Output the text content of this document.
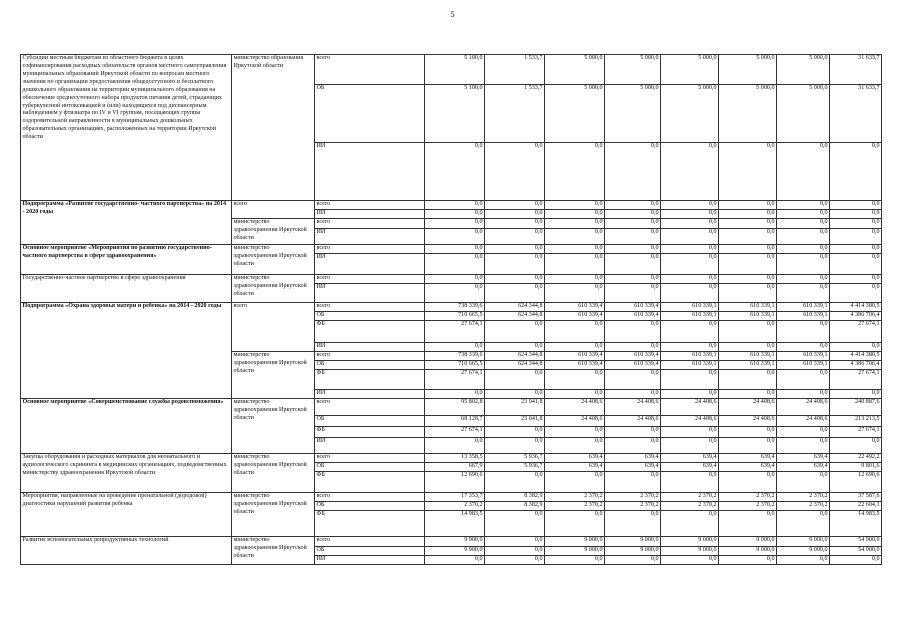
5
Субсидии местным бюджетам из областного бюджета в целях софинансирования расходных обязательств органов местного самоуправления муниципальных образований Иркутской области по вопросам местного значения по организации предоставления общедоступного и бесплатного дошкольного образования на территории муниципального образования на обеспечение среднесуточного набора продуктов питания детей, страдающих туберкулезной интоксикацией и (или) находящихся под диспансерным наблюдением у фтизиатра по IV и VI группам, посещающих группы оздоровительной направленности в муниципальных дошкольных образовательных организациях, расположенных на территории Иркутской области	министерство образования Иркутской области	всего	5 100,0	1 533,7	5 000,0	5 000,0	5 000,0	5 000,0	5 000,0	31 633,7
		ОБ	5 100,0	1 533,7	5 000,0	5 000,0	5 000,0	5 000,0	5 000,0	31 633,7
		ИИ	0,0	0,0	0,0	0,0	0,0	0,0	0,0	0,0
Подпрограмма «Развитие государственно- частного партнерства» на 2014 - 2020 годы	всего	всего	0,0	0,0	0,0	0,0	0,0	0,0	0,0	0,0
		ИИ	0,0	0,0	0,0	0,0	0,0	0,0	0,0	0,0
	министерство здравоохранения Иркутской области	всего	0,0	0,0	0,0	0,0	0,0	0,0	0,0	0,0
		ИИ	0,0	0,0	0,0	0,0	0,0	0,0	0,0	0,0
Основное мероприятие «Мероприятия по развитию государственно-частного партнерства в сфере здравоохранения»	министерство здравоохранения Иркутской области	всего	0,0	0,0	0,0	0,0	0,0	0,0	0,0	0,0
		ИИ	0,0	0,0	0,0	0,0	0,0	0,0	0,0	0,0
Государственно-частное партнерство в сфере здравоохранения	министерство здравоохранения Иркутской области	всего	0,0	0,0	0,0	0,0	0,0	0,0	0,0	0,0
		ИИ	0,0	0,0	0,0	0,0	0,0	0,0	0,0	0,0
Подпрограмма «Охрана здоровья матери и ребенка» на 2014 - 2020 годы	всего	всего	738 339,6	624 344,8	610 339,4	610 339,4	610 339,1	610 339,1	610 339,1	4 414 380,5
		ОБ	710 665,5	624 344,8	610 339,4	610 339,4	610 339,1	610 339,1	610 339,1	4 386 706,4
		ФБ	27 674,1	0,0	0,0	0,0	0,0	0,0	0,0	27 674,1
		ИИ	0,0	0,0	0,0	0,0	0,0	0,0	0,0	0,0
	министерство здравоохранения Иркутской области	всего	738 339,6	624 344,8	610 339,4	610 339,4	610 339,1	610 339,1	610 339,1	4 414 380,5
		ОБ	710 665,5	624 344,8	610 339,4	610 339,4	610 339,1	610 339,1	610 339,1	4 386 706,4
		ФБ	27 674,1	0,0	0,0	0,0	0,0	0,0	0,0	27 674,1
		ИИ	0,0	0,0	0,0	0,0	0,0	0,0	0,0	0,0
Основное мероприятие «Совершенствование службы родовспоможения»	министерство здравоохранения Иркутской области	всего	95 802,8	23 041,8	24 408,6	24 408,6	24 408,6	24 408,6	24 408,6	240 887,6
		ОБ	68 128,7	23 041,8	24 408,6	24 408,6	24 408,6	24 408,6	24 408,6	213 213,5
		ФБ	27 674,1	0,0	0,0	0,0	0,0	0,0	0,0	27 674,1
		ИИ	0,0	0,0	0,0	0,0	0,0	0,0	0,0	0,0
Закупка оборудования и расходных материалов для неонатального и аудиологического скрининга в медицинских организациях, подведомственных министерству здравоохранения Иркутской области	министерство здравоохранения Иркутской области	всего	13 358,5	5 936,7	639,4	639,4	639,4	639,4	639,4	22 492,2
		ОБ	667,9	5 936,7	639,4	639,4	639,4	639,4	639,4	9 801,6
		ФБ	12 690,6	0,0	0,0	0,0	0,0	0,0	0,0	12 690,6
Мероприятия, направленные на проведение пренатальной (дородовой) диагностики нарушений развития ребенка	министерство здравоохранения Иркутской области	всего	17 353,7	8 382,9	2 370,2	2 370,2	2 370,2	2 370,2	2 370,2	37 587,6
		ОБ	2 370,2	8 382,9	2 370,2	2 370,2	2 370,2	2 370,2	2 370,2	22 604,1
		ФБ	14 983,5	0,0	0,0	0,0	0,0	0,0	0,0	14 983,5
Развитие вспомогательных репродуктивных технологий	министерство здравоохранения Иркутской области	всего	9 900,0	0,0	9 000,0	9 000,0	9 000,0	9 000,0	9 000,0	54 900,0
		ОБ	9 900,0	0,0	9 000,0	9 000,0	9 000,0	9 000,0	9 000,0	54 900,0
		ИИ	0,0	0,0	0,0	0,0	0,0	0,0	0,0	0,0
